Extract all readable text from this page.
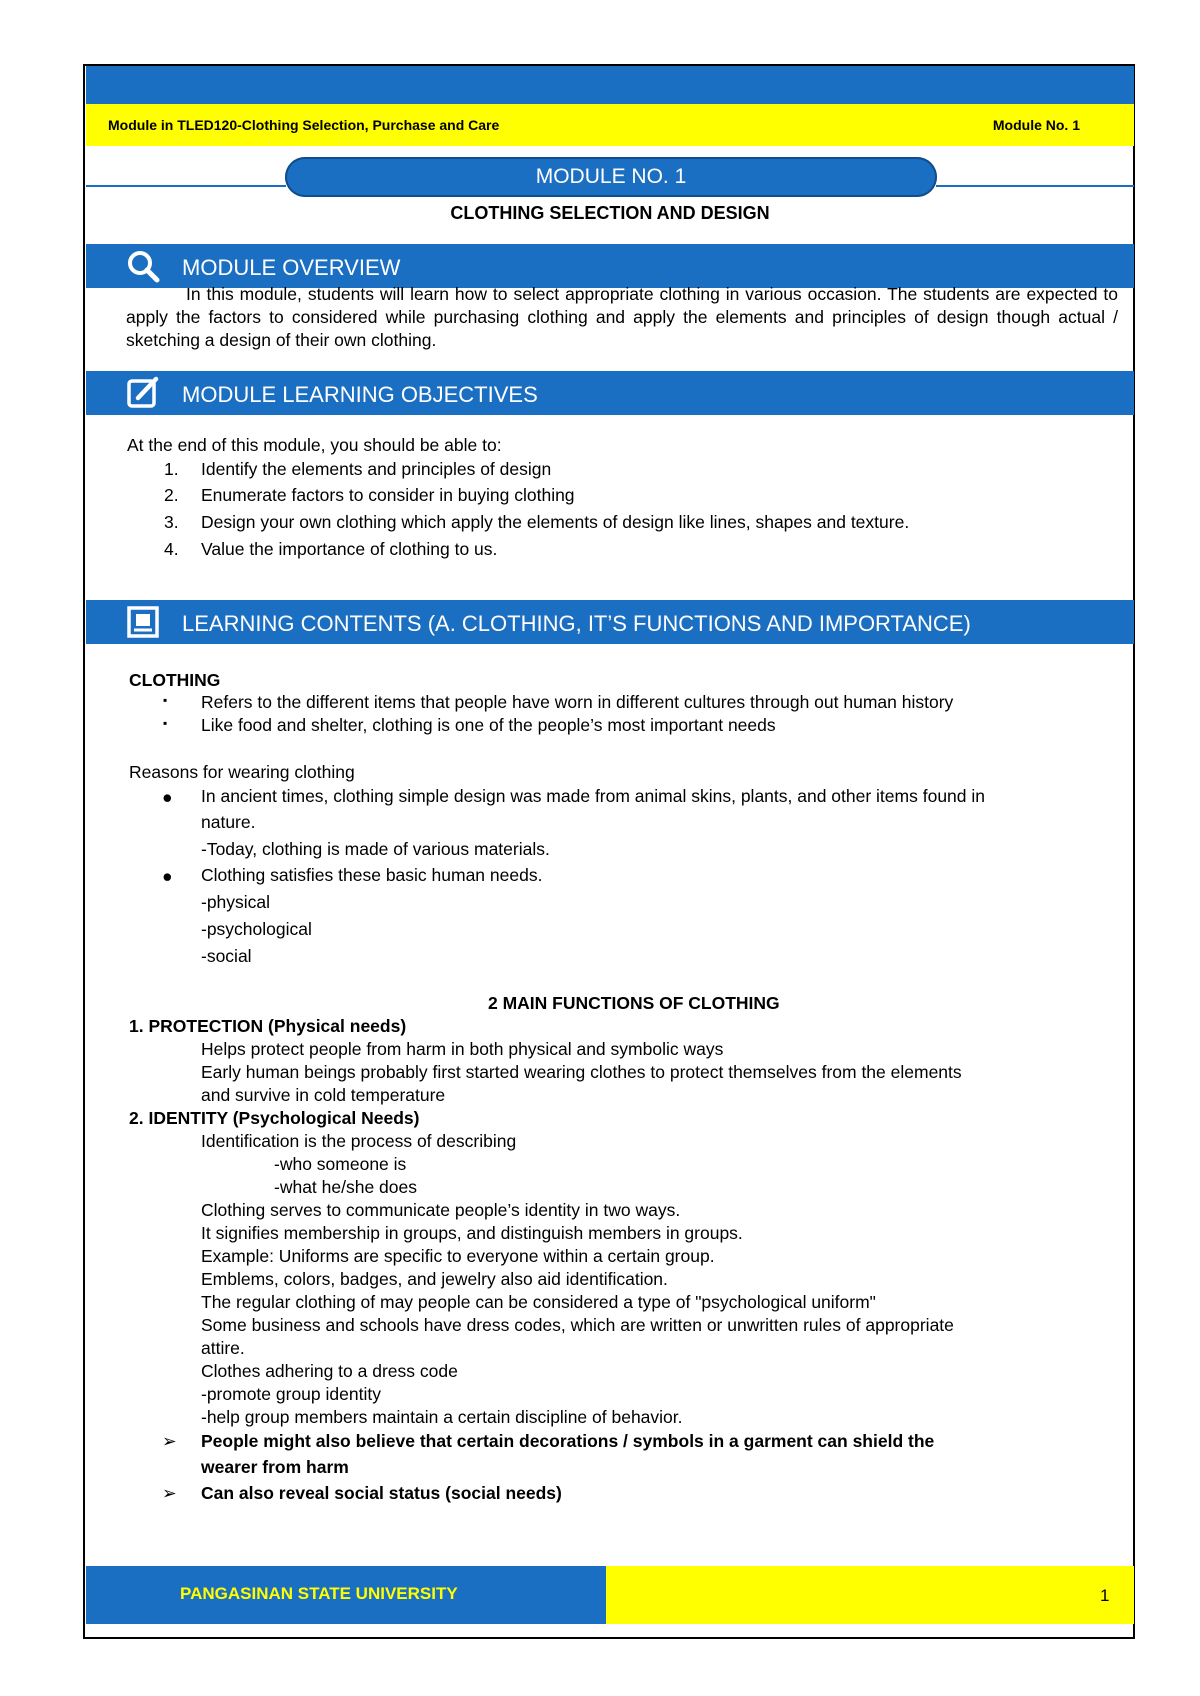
Module in TLED120-Clothing Selection, Purchase and Care	Module No. 1
MODULE NO. 1
CLOTHING SELECTION AND DESIGN
MODULE OVERVIEW
In this module, students will learn how to select appropriate clothing in various occasion. The students are expected to apply the factors to considered while purchasing clothing and apply the elements and principles of design though actual / sketching a design of their own clothing.
MODULE LEARNING OBJECTIVES
At the end of this module, you should be able to:
1. Identify the elements and principles of design
2. Enumerate factors to consider in buying clothing
3. Design your own clothing which apply the elements of design like lines, shapes and texture.
4. Value the importance of clothing to us.
LEARNING CONTENTS (A. CLOTHING, IT’S FUNCTIONS AND IMPORTANCE)
CLOTHING
▪ Refers to the different items that people have worn in different cultures through out human history
▪ Like food and shelter, clothing is one of the people’s most important needs
Reasons for wearing clothing
● In ancient times, clothing simple design was made from animal skins, plants, and other items found in
nature.
-Today, clothing is made of various materials.
● Clothing satisfies these basic human needs.
-physical
-psychological
-social
2 MAIN FUNCTIONS OF CLOTHING
1. PROTECTION (Physical needs)
Helps protect people from harm in both physical and symbolic ways
Early human beings probably first started wearing clothes to protect themselves from the elements
and survive in cold temperature
2. IDENTITY (Psychological Needs)
Identification is the process of describing
-who someone is
-what he/she does
Clothing serves to communicate people’s identity in two ways.
It signifies membership in groups, and distinguish members in groups.
Example: Uniforms are specific to everyone within a certain group.
Emblems, colors, badges, and jewelry also aid identification.
The regular clothing of may people can be considered a type of "psychological uniform"
Some business and schools have dress codes, which are written or unwritten rules of appropriate
attire.
Clothes adhering to a dress code
-promote group identity
-help group members maintain a certain discipline of behavior.
➢ People might also believe that certain decorations / symbols in a garment can shield the
wearer from harm
➢ Can also reveal social status (social needs)
PANGASINAN STATE UNIVERSITY	1
